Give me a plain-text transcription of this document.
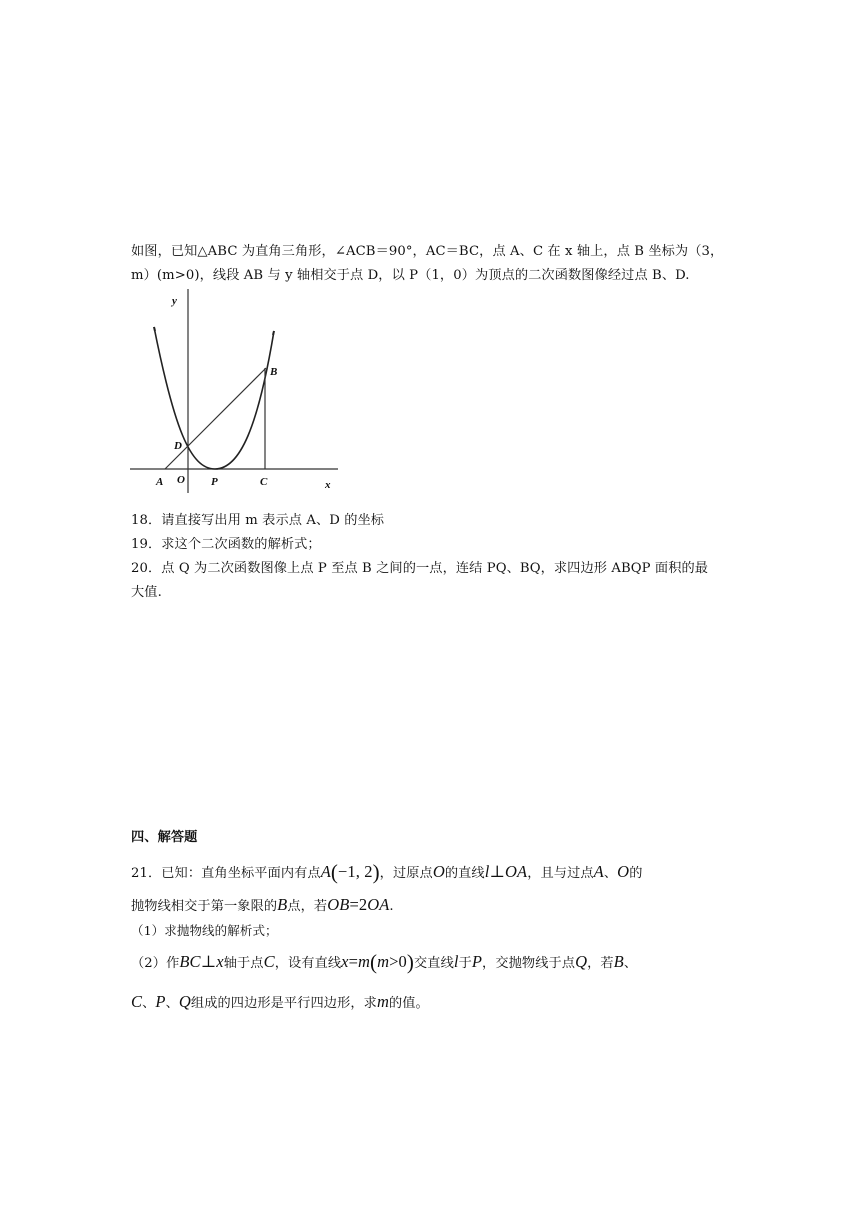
如图，已知△ABC 为直角三角形，∠ACB＝90°，AC＝BC，点 A、C 在 x 轴上，点 B 坐标为（3，
m）(m>0)，线段 AB 与 y 轴相交于点 D，以 P（1，0）为顶点的二次函数图像经过点 B、D.
y
x
A O P	C
B
D
18．请直接写出用 m 表示点 A、D 的坐标
19．求这个二次函数的解析式；
20．点 Q 为二次函数图像上点 P 至点 B 之间的一点，连结 PQ、BQ，求四边形 ABQP 面积的最
大值.
四、解答题
21．已知：直角坐标平面内有点A(−1, 2)，过原点O的直线l⊥OA，且与过点A、O的
抛物线相交于第一象限的B点，若OB=2OA.
（1）求抛物线的解析式；
（2）作BC⊥x轴于点C，设有直线x=m(m>0)交直线l于P，交抛物线于点Q，若B、
C、P、Q组成的四边形是平行四边形，求m的值。
